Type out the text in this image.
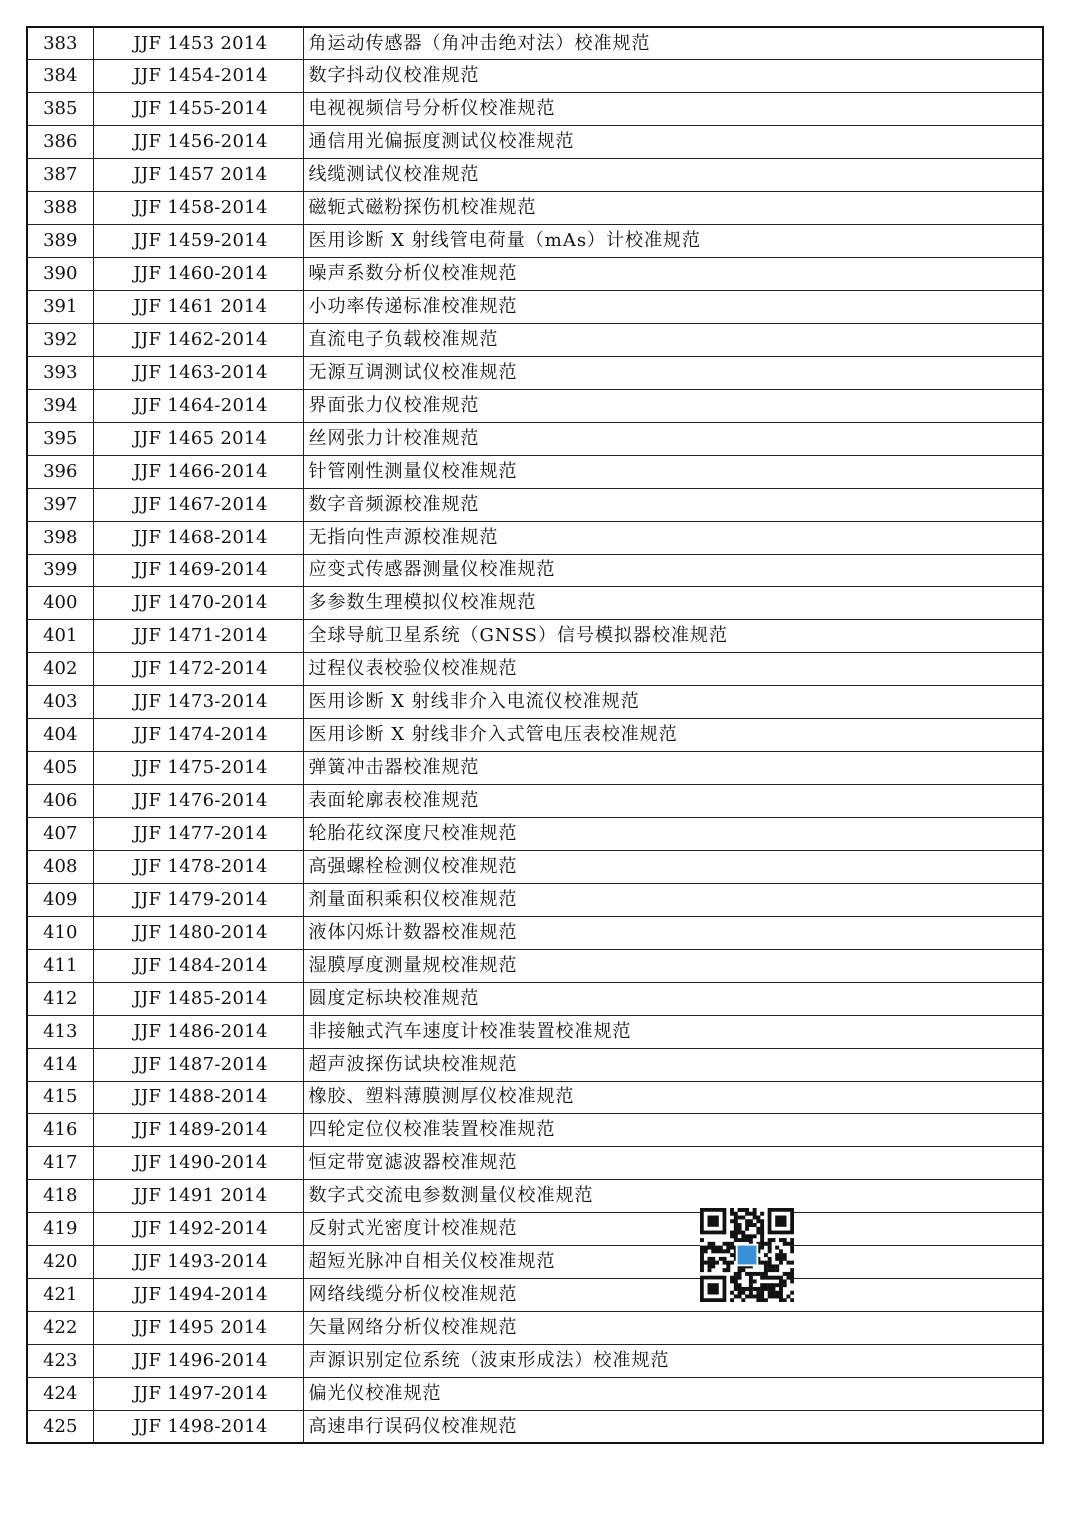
383	JJF 1453 2014	角运动传感器（角冲击绝对法）校准规范
384	JJF 1454-2014	数字抖动仪校准规范
385	JJF 1455-2014	电视视频信号分析仪校准规范
386	JJF 1456-2014	通信用光偏振度测试仪校准规范
387	JJF 1457 2014	线缆测试仪校准规范
388	JJF 1458-2014	磁轭式磁粉探伤机校准规范
389	JJF 1459-2014	医用诊断 X 射线管电荷量（mAs）计校准规范
390	JJF 1460-2014	噪声系数分析仪校准规范
391	JJF 1461 2014	小功率传递标准校准规范
392	JJF 1462-2014	直流电子负载校准规范
393	JJF 1463-2014	无源互调测试仪校准规范
394	JJF 1464-2014	界面张力仪校准规范
395	JJF 1465 2014	丝网张力计校准规范
396	JJF 1466-2014	针管刚性测量仪校准规范
397	JJF 1467-2014	数字音频源校准规范
398	JJF 1468-2014	无指向性声源校准规范
399	JJF 1469-2014	应变式传感器测量仪校准规范
400	JJF 1470-2014	多参数生理模拟仪校准规范
401	JJF 1471-2014	全球导航卫星系统（GNSS）信号模拟器校准规范
402	JJF 1472-2014	过程仪表校验仪校准规范
403	JJF 1473-2014	医用诊断 X 射线非介入电流仪校准规范
404	JJF 1474-2014	医用诊断 X 射线非介入式管电压表校准规范
405	JJF 1475-2014	弹簧冲击器校准规范
406	JJF 1476-2014	表面轮廓表校准规范
407	JJF 1477-2014	轮胎花纹深度尺校准规范
408	JJF 1478-2014	高强螺栓检测仪校准规范
409	JJF 1479-2014	剂量面积乘积仪校准规范
410	JJF 1480-2014	液体闪烁计数器校准规范
411	JJF 1484-2014	湿膜厚度测量规校准规范
412	JJF 1485-2014	圆度定标块校准规范
413	JJF 1486-2014	非接触式汽车速度计校准装置校准规范
414	JJF 1487-2014	超声波探伤试块校准规范
415	JJF 1488-2014	橡胶、塑料薄膜测厚仪校准规范
416	JJF 1489-2014	四轮定位仪校准装置校准规范
417	JJF 1490-2014	恒定带宽滤波器校准规范
418	JJF 1491 2014	数字式交流电参数测量仪校准规范
419	JJF 1492-2014	反射式光密度计校准规范
420	JJF 1493-2014	超短光脉冲自相关仪校准规范
421	JJF 1494-2014	网络线缆分析仪校准规范
422	JJF 1495 2014	矢量网络分析仪校准规范
423	JJF 1496-2014	声源识别定位系统（波束形成法）校准规范
424	JJF 1497-2014	偏光仪校准规范
425	JJF 1498-2014	高速串行误码仪校准规范
